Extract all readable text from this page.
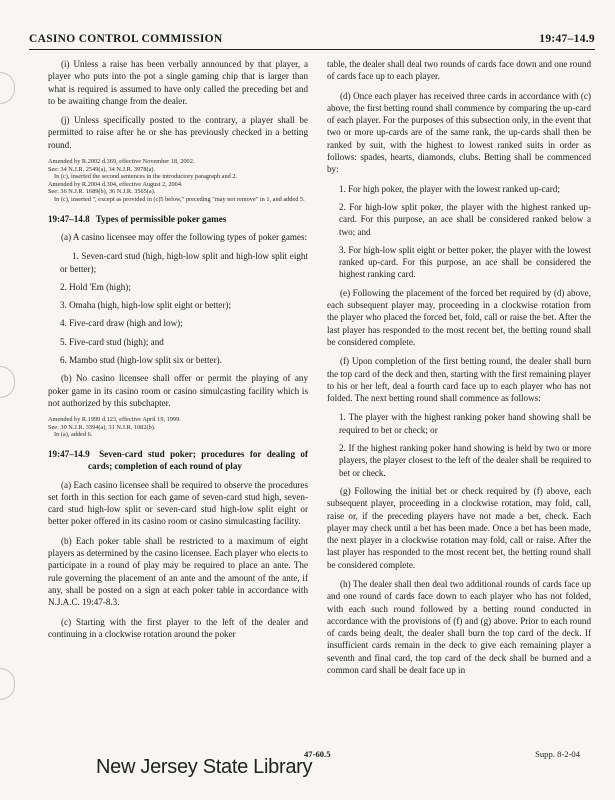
CASINO CONTROL COMMISSION	19:47–14.9

(i) Unless a raise has been verbally announced by that player, a player who puts into the pot a single gaming chip that is larger than what is required is assumed to have only called the preceding bet and to be awaiting change from the dealer.

(j) Unless specifically posted to the contrary, a player shall be permitted to raise after he or she has previously checked in a betting round.

Amended by R.2002 d.369, effective November 18, 2002.
See: 34 N.J.R. 2549(a), 34 N.J.R. 3978(a).
In (c), inserted the second sentences in the introductory paragraph and 2.
Amended by R.2004 d.304, effective August 2, 2004.
See: 36 N.J.R. 1689(b), 36 N.J.R. 3565(a).
In (c), inserted ", except as provided in (c)5 below," preceding "may not remove" in 1, and added 5.
19:47–14.8 Types of permissible poker games

(a) A casino licensee may offer the following types of poker games:

1. Seven-card stud (high, high-low split and high-low split eight or better);

2. Hold 'Em (high);

3. Omaha (high, high-low split eight or better);

4. Five-card draw (high and low);

5. Five-card stud (high); and

6. Mambo stud (high-low split six or better).

(b) No casino licensee shall offer or permit the playing of any poker game in its casino room or casino simulcasting facility which is not authorized by this subchapter.

Amended by R.1999 d.123, effective April 19, 1999.
See: 30 N.J.R. 3394(a), 31 N.J.R. 1082(b).
In (a), added 6.
19:47–14.9 Seven-card stud poker; procedures for dealing of cards; completion of each round of play

(a) Each casino licensee shall be required to observe the procedures set forth in this section for each game of seven-card stud high, seven-card stud high-low split or seven-card stud high-low split eight or better poker offered in its casino room or casino simulcasting facility.

(b) Each poker table shall be restricted to a maximum of eight players as determined by the casino licensee. Each player who elects to participate in a round of play may be required to place an ante. The rule governing the placement of an ante and the amount of the ante, if any, shall be posted on a sign at each poker table in accordance with N.J.A.C. 19:47-8.3.

(c) Starting with the first player to the left of the dealer and continuing in a clockwise rotation around the poker

table, the dealer shall deal two rounds of cards face down and one round of cards face up to each player.

(d) Once each player has received three cards in accordance with (c) above, the first betting round shall commence by comparing the up-card of each player. For the purposes of this subsection only, in the event that two or more up-cards are of the same rank, the up-cards shall then be ranked by suit, with the highest to lowest ranked suits in order as follows: spades, hearts, diamonds, clubs. Betting shall be commenced by:

1. For high poker, the player with the lowest ranked up-card;

2. For high-low split poker, the player with the highest ranked up-card. For this purpose, an ace shall be considered ranked below a two; and

3. For high-low split eight or better poker, the player with the lowest ranked up-card. For this purpose, an ace shall be considered the highest ranking card.

(e) Following the placement of the forced bet required by (d) above, each subsequent player may, proceeding in a clockwise rotation from the player who placed the forced bet, fold, call or raise the bet. After the last player has responded to the most recent bet, the betting round shall be considered complete.

(f) Upon completion of the first betting round, the dealer shall burn the top card of the deck and then, starting with the first remaining player to his or her left, deal a fourth card face up to each player who has not folded. The next betting round shall commence as follows:

1. The player with the highest ranking poker hand showing shall be required to bet or check; or

2. If the highest ranking poker hand showing is held by two or more players, the player closest to the left of the dealer shall be required to bet or check.

(g) Following the initial bet or check required by (f) above, each subsequent player, proceeding in a clockwise rotation, may fold, call, raise or, if the preceding players have not made a bet, check. Each player may check until a bet has been made. Once a bet has been made, the next player in a clockwise rotation may fold, call or raise. After the last player has responded to the most recent bet, the betting round shall be considered complete.

(h) The dealer shall then deal two additional rounds of cards face up and one round of cards face down to each player who has not folded, with each such round followed by a betting round conducted in accordance with the provisions of (f) and (g) above. Prior to each round of cards being dealt, the dealer shall burn the top card of the deck. If insufficient cards remain in the deck to give each remaining player a seventh and final card, the top card of the deck shall be burned and a common card shall be dealt face up in

47-60.5	Supp. 8-2-04
New Jersey State Library
